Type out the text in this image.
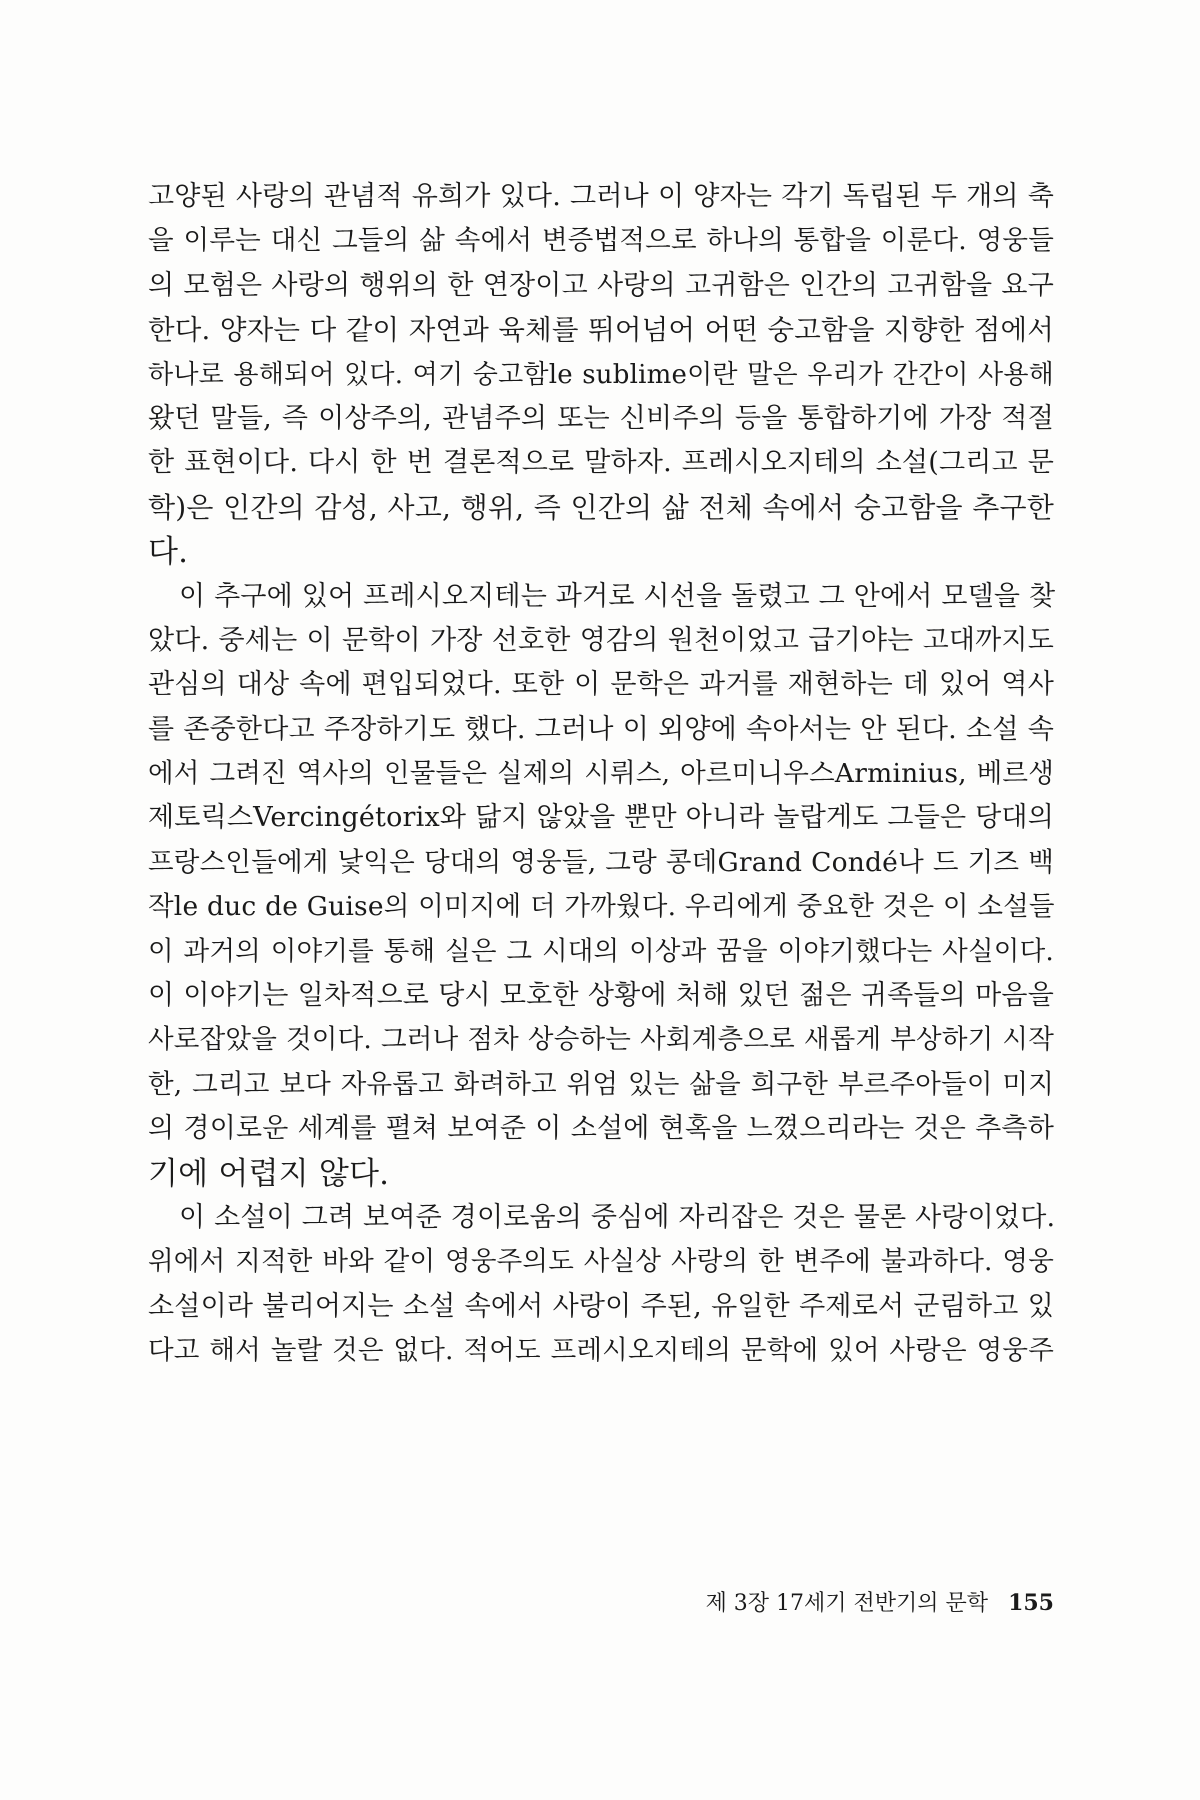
고양된 사랑의 관념적 유희가 있다. 그러나 이 양자는 각기 독립된 두 개의 축
을 이루는 대신 그들의 삶 속에서 변증법적으로 하나의 통합을 이룬다. 영웅들
의 모험은 사랑의 행위의 한 연장이고 사랑의 고귀함은 인간의 고귀함을 요구
한다. 양자는 다 같이 자연과 육체를 뛰어넘어 어떤 숭고함을 지향한 점에서
하나로 용해되어 있다. 여기 숭고함le sublime이란 말은 우리가 간간이 사용해
왔던 말들, 즉 이상주의, 관념주의 또는 신비주의 등을 통합하기에 가장 적절
한 표현이다. 다시 한 번 결론적으로 말하자. 프레시오지테의 소설(그리고 문
학)은 인간의 감성, 사고, 행위, 즉 인간의 삶 전체 속에서 숭고함을 추구한
다.
이 추구에 있어 프레시오지테는 과거로 시선을 돌렸고 그 안에서 모델을 찾
았다. 중세는 이 문학이 가장 선호한 영감의 원천이었고 급기야는 고대까지도
관심의 대상 속에 편입되었다. 또한 이 문학은 과거를 재현하는 데 있어 역사
를 존중한다고 주장하기도 했다. 그러나 이 외양에 속아서는 안 된다. 소설 속
에서 그려진 역사의 인물들은 실제의 시뤼스, 아르미니우스Arminius, 베르생
제토릭스Vercingétorix와 닮지 않았을 뿐만 아니라 놀랍게도 그들은 당대의
프랑스인들에게 낯익은 당대의 영웅들, 그랑 콩데Grand Condé나 드 기즈 백
작le duc de Guise의 이미지에 더 가까웠다. 우리에게 중요한 것은 이 소설들
이 과거의 이야기를 통해 실은 그 시대의 이상과 꿈을 이야기했다는 사실이다.
이 이야기는 일차적으로 당시 모호한 상황에 처해 있던 젊은 귀족들의 마음을
사로잡았을 것이다. 그러나 점차 상승하는 사회계층으로 새롭게 부상하기 시작
한, 그리고 보다 자유롭고 화려하고 위엄 있는 삶을 희구한 부르주아들이 미지
의 경이로운 세계를 펼쳐 보여준 이 소설에 현혹을 느꼈으리라는 것은 추측하
기에 어렵지 않다.
이 소설이 그려 보여준 경이로움의 중심에 자리잡은 것은 물론 사랑이었다.
위에서 지적한 바와 같이 영웅주의도 사실상 사랑의 한 변주에 불과하다. 영웅
소설이라 불리어지는 소설 속에서 사랑이 주된, 유일한 주제로서 군림하고 있
다고 해서 놀랄 것은 없다. 적어도 프레시오지테의 문학에 있어 사랑은 영웅주
제 3장 17세기 전반기의 문학 155
